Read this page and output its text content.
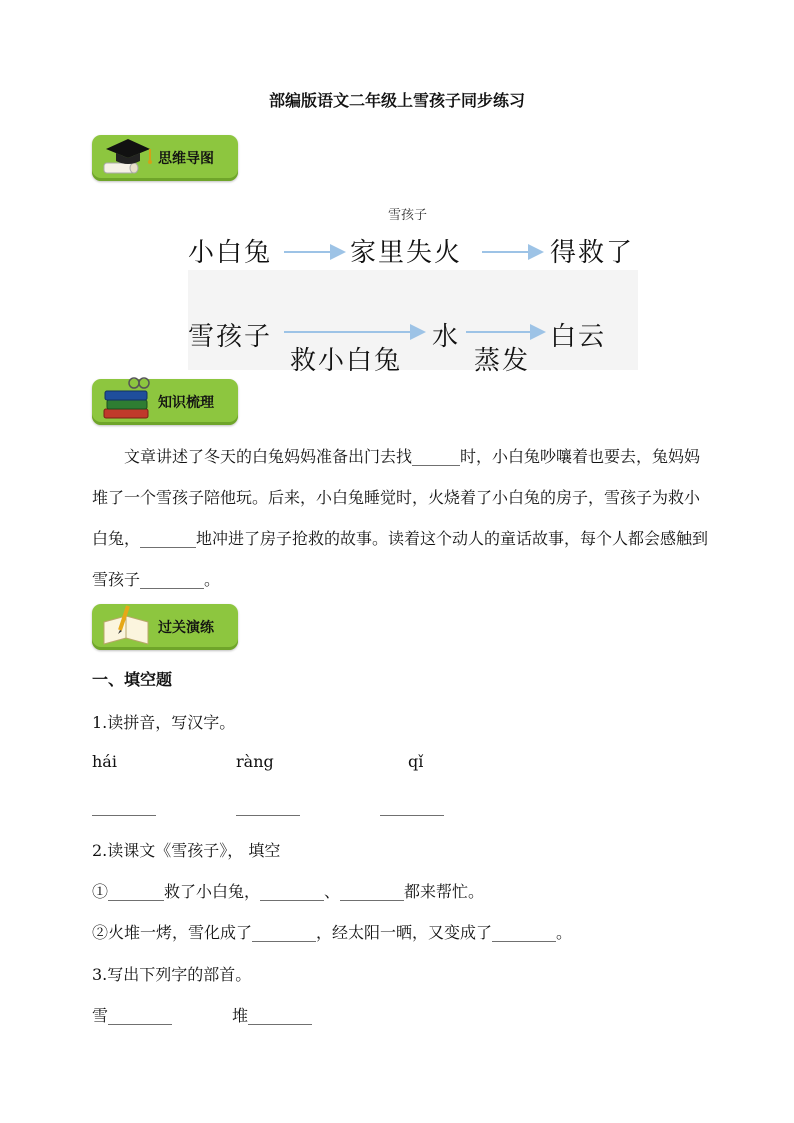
部编版语文二年级上雪孩子同步练习
思维导图
雪孩子
小白兔	家里失火	得救了
雪孩子	水	白云
救小白兔	蒸发
知识梳理
文章讲述了冬天的白兔妈妈准备出门去找______时，小白兔吵嚷着也要去，兔妈妈堆了一个雪孩子陪他玩。后来，小白兔睡觉时，火烧着了小白兔的房子，雪孩子为救小白兔，_______地冲进了房子抢救的故事。读着这个动人的童话故事，每个人都会感触到雪孩子________。
过关演练
一、填空题
1.读拼音，写汉字。
hái	ràng	qǐ
________	________	________
2.读课文《雪孩子》， 填空
①_______救了小白兔，________、________都来帮忙。
②火堆一烤，雪化成了________，经太阳一晒，又变成了________。
3.写出下列字的部首。
雪________	堆________
